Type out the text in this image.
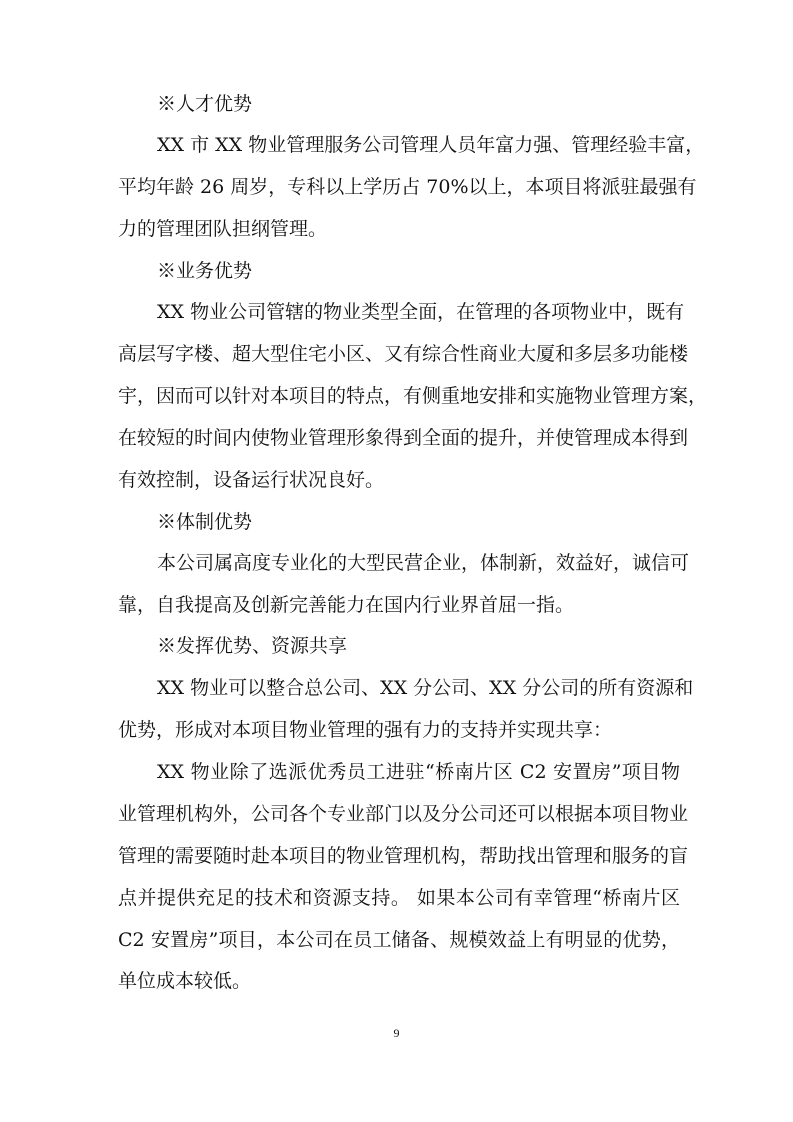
※人才优势
XX 市 XX 物业管理服务公司管理人员年富力强、管理经验丰富，
平均年龄 26 周岁，专科以上学历占 70%以上，本项目将派驻最强有
力的管理团队担纲管理。
※业务优势
XX 物业公司管辖的物业类型全面，在管理的各项物业中，既有
高层写字楼、超大型住宅小区、又有综合性商业大厦和多层多功能楼
宇，因而可以针对本项目的特点，有侧重地安排和实施物业管理方案，
在较短的时间内使物业管理形象得到全面的提升，并使管理成本得到
有效控制，设备运行状况良好。
※体制优势
本公司属高度专业化的大型民营企业，体制新，效益好，诚信可
靠，自我提高及创新完善能力在国内行业界首屈一指。
※发挥优势、资源共享
XX 物业可以整合总公司、XX 分公司、XX 分公司的所有资源和
优势，形成对本项目物业管理的强有力的支持并实现共享：
XX 物业除了选派优秀员工进驻“桥南片区 C2 安置房”项目物
业管理机构外，公司各个专业部门以及分公司还可以根据本项目物业
管理的需要随时赴本项目的物业管理机构，帮助找出管理和服务的盲
点并提供充足的技术和资源支持。 如果本公司有幸管理“桥南片区
C2 安置房”项目，本公司在员工储备、规模效益上有明显的优势，
单位成本较低。
9
